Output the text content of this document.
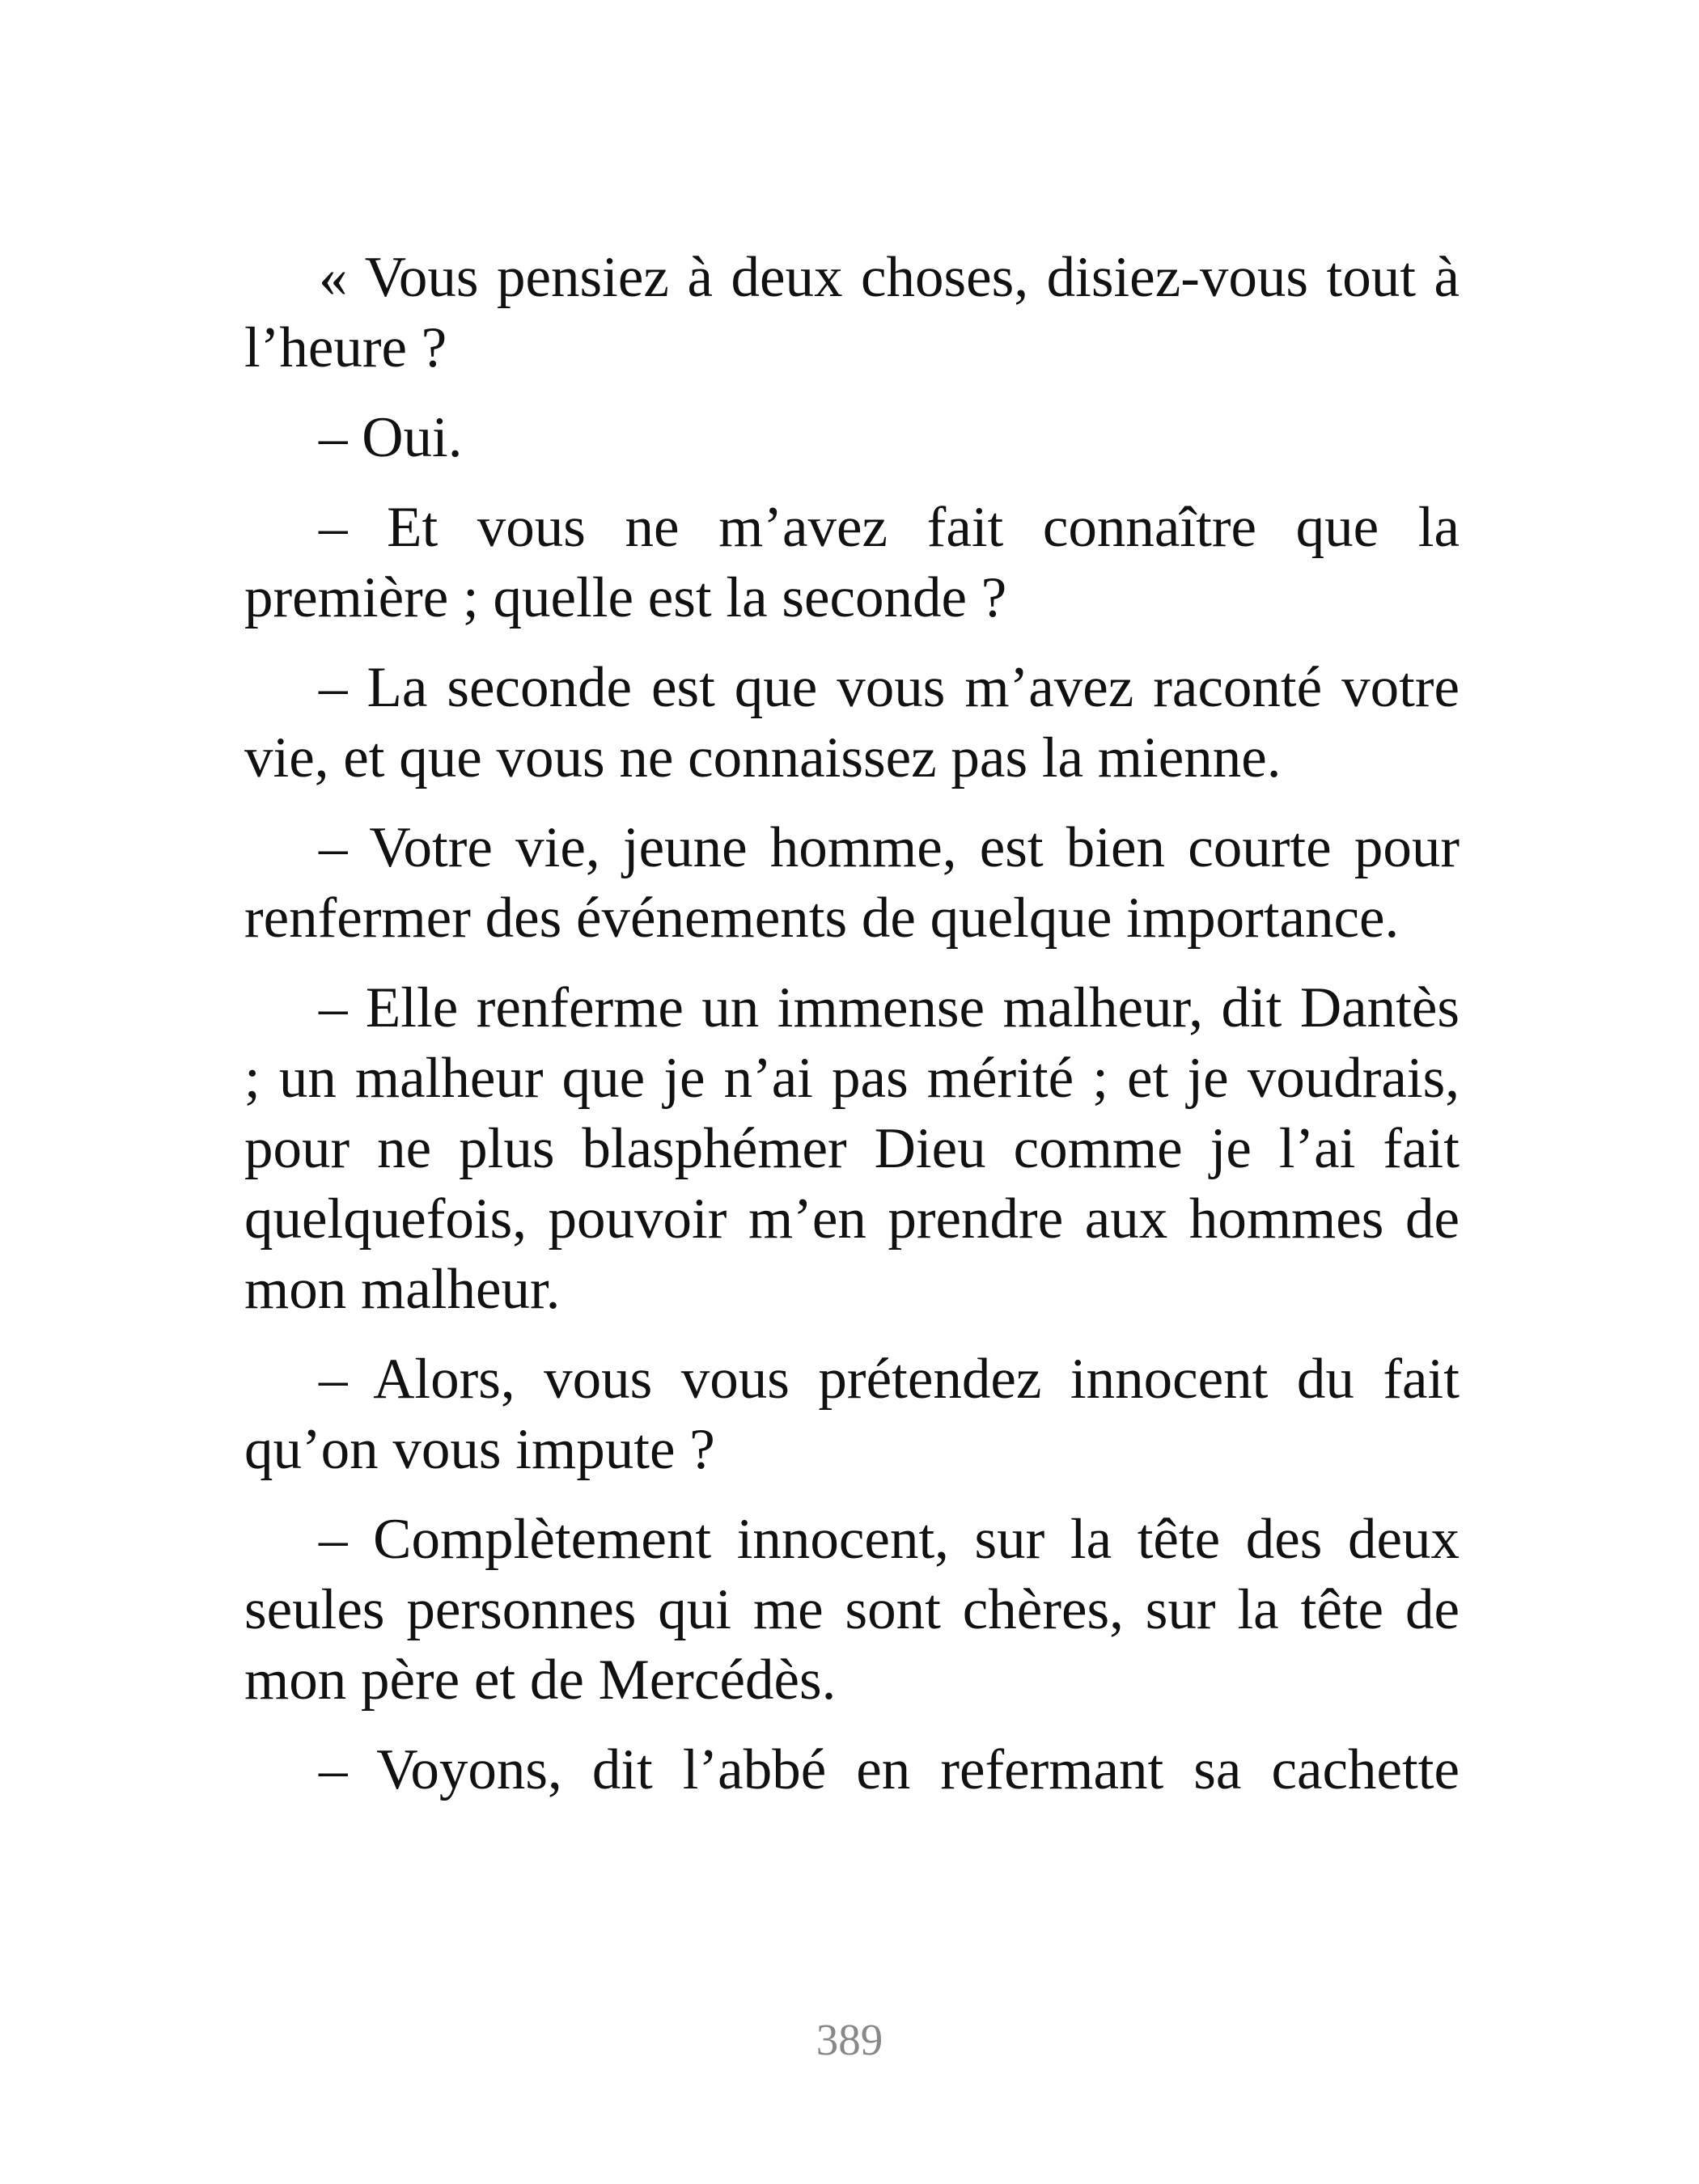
« Vous pensiez à deux choses, disiez-vous tout à l’heure ?

– Oui.

– Et vous ne m’avez fait connaître que la première ; quelle est la seconde ?

– La seconde est que vous m’avez raconté votre vie, et que vous ne connaissez pas la mienne.

– Votre vie, jeune homme, est bien courte pour renfermer des événements de quelque importance.

– Elle renferme un immense malheur, dit Dantès ; un malheur que je n’ai pas mérité ; et je voudrais, pour ne plus blasphémer Dieu comme je l’ai fait quelquefois, pouvoir m’en prendre aux hommes de mon malheur.

– Alors, vous vous prétendez innocent du fait qu’on vous impute ?

– Complètement innocent, sur la tête des deux seules personnes qui me sont chères, sur la tête de mon père et de Mercédès.

– Voyons, dit l’abbé en refermant sa cachette

389
